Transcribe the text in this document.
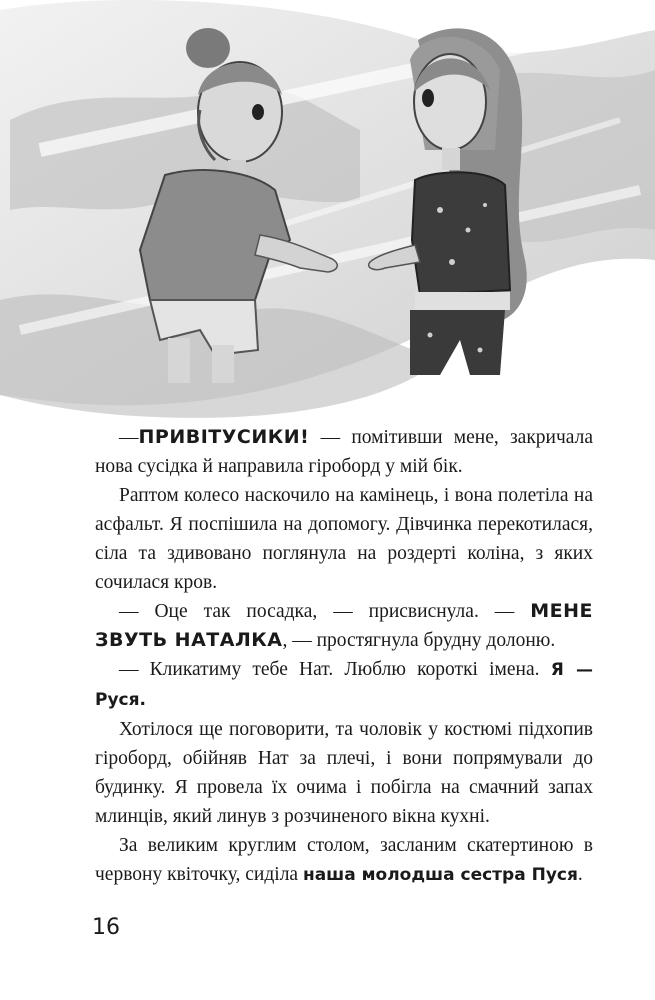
—ПРИВІТУСИКИ! — помітивши мене, закричала нова сусідка й направила гіроборд у мій бік.

Раптом колесо наскочило на камінець, і вона полетіла на асфальт. Я поспішила на допомогу. Дівчинка перекотилася, сіла та здивовано поглянула на роздерті коліна, з яких сочилася кров.

— Оце так посадка, — присвиснула. — МЕНЕ ЗВУТЬ НАТАЛКА, — простягнула брудну долоню.

— Кликатиму тебе Нат. Люблю короткі імена. Я — Руся.

Хотілося ще поговорити, та чоловік у костюмі підхопив гіроборд, обійняв Нат за плечі, і вони попрямували до будинку. Я провела їх очима і побігла на смачний запах млинців, який линув з розчиненого вікна кухні.

За великим круглим столом, засланим скатертиною в червону квіточку, сиділа наша молодша сестра Пуся.

16
